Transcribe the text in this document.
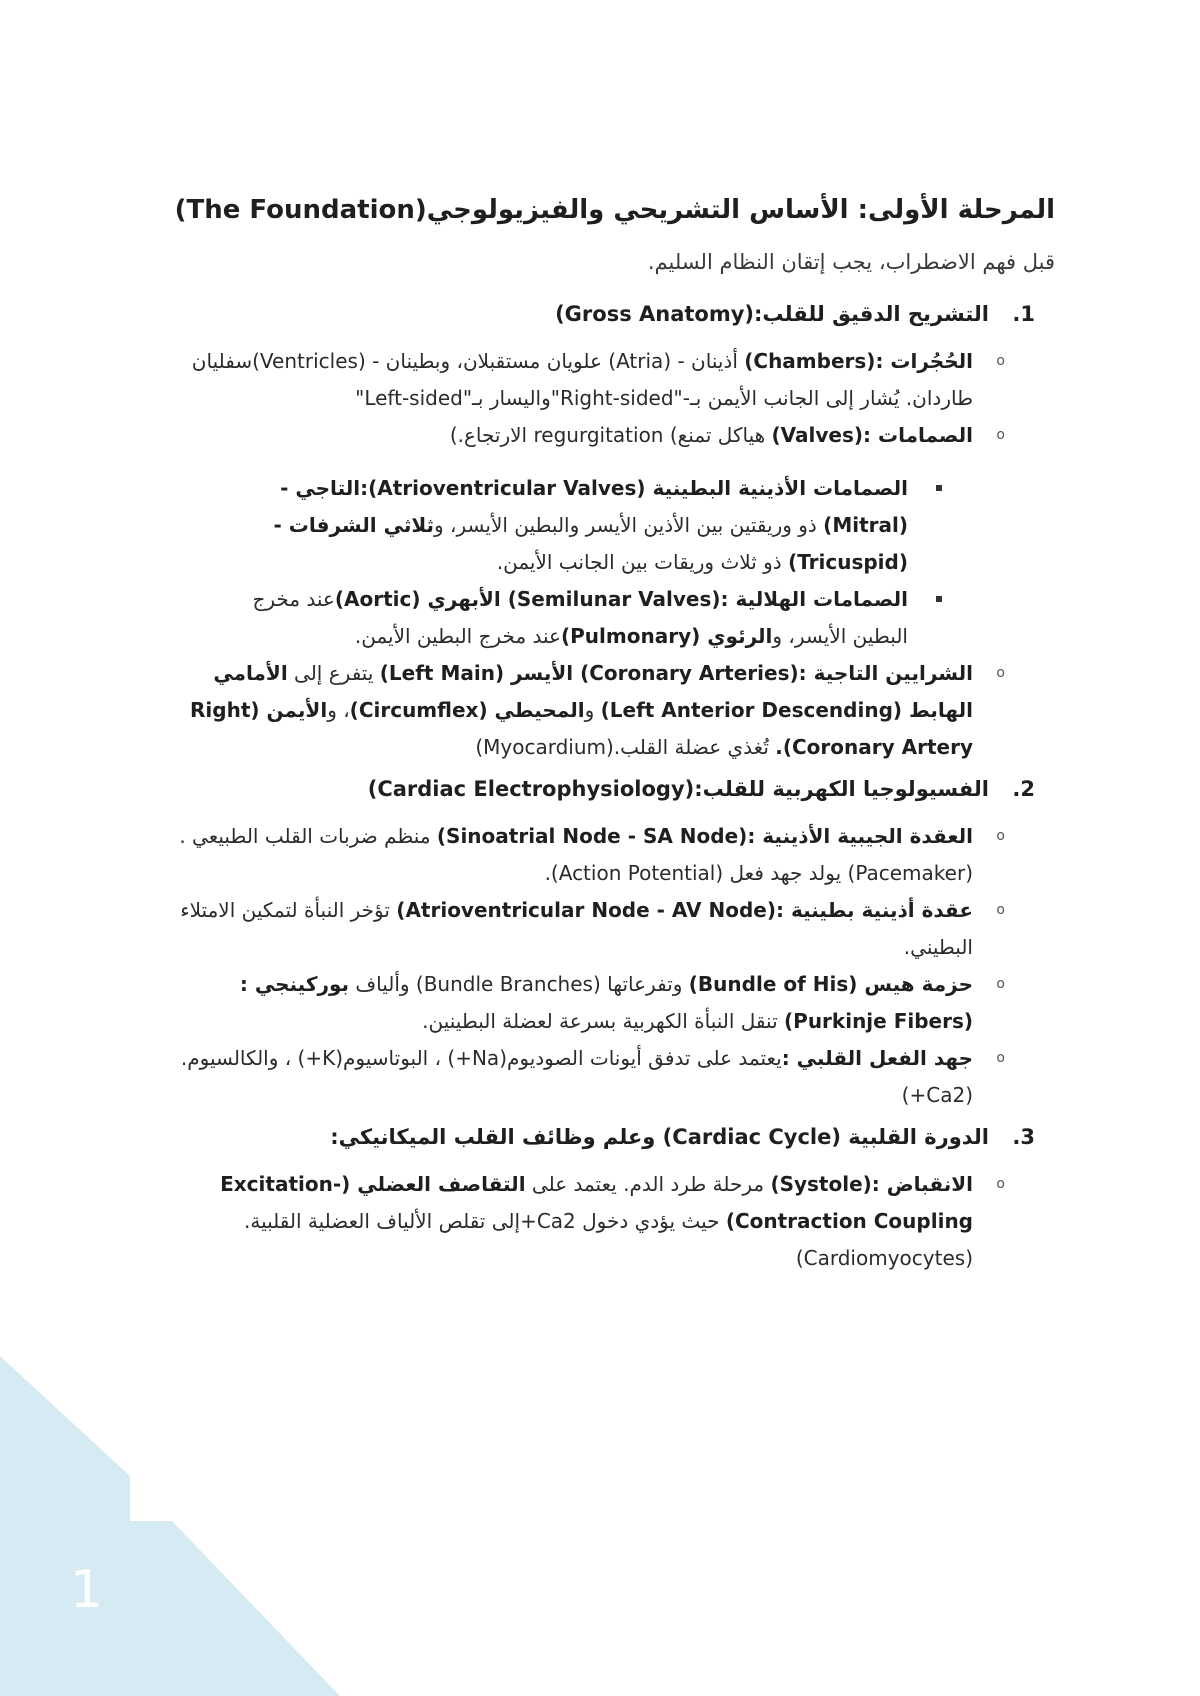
1
المرحلة الأولى: الأساس التشريحي والفيزيولوجي(The Foundation)
قبل فهم الاضطراب، يجب إتقان النظام السليم.
1.التشريح الدقيق للقلب:(Gross Anatomy)
o الحُجُرات :(Chambers) أذينان - (Atria) علويان مستقبلان، وبطينان - (Ventricles)سفليان طاردان. يُشار إلى الجانب الأيمن بـ-"Right-sided"واليسار بـ"Left-sided"
o الصمامات :(Valves) هياكل تمنع) regurgitation الارتجاع.)
الصمامات الأذينية البطينية (Atrioventricular Valves):التاجي - (Mitral) ذو وريقتين بين الأذين الأيسر والبطين الأيسر، وثلاثي الشرفات - (Tricuspid) ذو ثلاث وريقات بين الجانب الأيمن.
الصمامات الهلالية :(Semilunar Valves) الأبهري (Aortic)عند مخرج البطين الأيسر، والرئوي (Pulmonary)عند مخرج البطين الأيمن.
o الشرايين التاجية :(Coronary Arteries) الأيسر (Left Main) يتفرع إلى الأمامي الهابط (Left Anterior Descending) والمحيطي (Circumflex)، والأيمن (Right Coronary Artery). تُغذي عضلة القلب.(Myocardium)
2.الفسيولوجيا الكهربية للقلب:(Cardiac Electrophysiology)
o العقدة الجيبية الأذينية :(Sinoatrial Node - SA Node) منظم ضربات القلب الطبيعي .(Pacemaker) يولد جهد فعل (Action Potential).
o عقدة أذينية بطينية :(Atrioventricular Node - AV Node) تؤخر النبأة لتمكين الامتلاء البطيني.
o حزمة هيس (Bundle of His) وتفرعاتها (Bundle Branches) وألياف بوركينجي :(Purkinje Fibers) تنقل النبأة الكهربية بسرعة لعضلة البطينين.
o جهد الفعل القلبي :يعتمد على تدفق أيونات الصوديوم(Na+) ، البوتاسيوم(K+) ، والكالسيوم.(Ca2+)
3.الدورة القلبية (Cardiac Cycle) وعلم وظائف القلب الميكانيكي:
o الانقباض :(Systole) مرحلة طرد الدم. يعتمد على التقاصف العضلي (Excitation-Contraction Coupling) حيث يؤدي دخول Ca2+إلى تقلص الألياف العضلية القلبية.(Cardiomyocytes)
